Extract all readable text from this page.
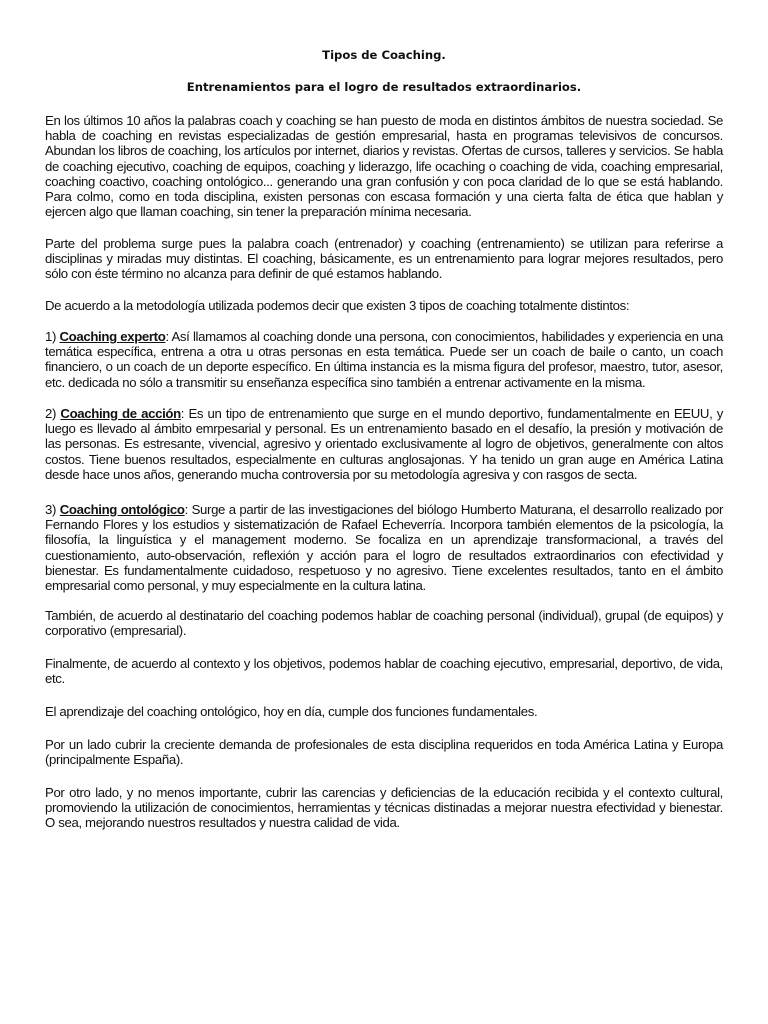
Tipos de Coaching.
Entrenamientos para el logro de resultados extraordinarios.

En los últimos 10 años la palabras coach y coaching se han puesto de moda en distintos ámbitos de nuestra sociedad. Se habla de coaching en revistas especializadas de gestión empresarial, hasta en programas televisivos de concursos. Abundan los libros de coaching, los artículos por internet, diarios y revistas. Ofertas de cursos, talleres y servicios. Se habla de coaching ejecutivo, coaching de equipos, coaching y liderazgo, life ocaching o coaching de vida, coaching empresarial, coaching coactivo, coaching ontológico... generando una gran confusión y con poca claridad de lo que se está hablando. Para colmo, como en toda disciplina, existen personas con escasa formación y una cierta falta de ética que hablan y ejercen algo que llaman coaching, sin tener la preparación mínima necesaria.

Parte del problema surge pues la palabra coach (entrenador) y coaching (entrenamiento) se utilizan para referirse a disciplinas y miradas muy distintas. El coaching, básicamente, es un entrenamiento para lograr mejores resultados, pero sólo con éste término no alcanza para definir de qué estamos hablando.

De acuerdo a la metodología utilizada podemos decir que existen 3 tipos de coaching totalmente distintos:

1) Coaching experto: Así llamamos al coaching donde una persona, con conocimientos, habilidades y experiencia en una temática específica, entrena a otra u otras personas en esta temática. Puede ser un coach de baile o canto, un coach financiero, o un coach de un deporte específico. En última instancia es la misma figura del profesor, maestro, tutor, asesor, etc. dedicada no sólo a transmitir su enseñanza específica sino también a entrenar activamente en la misma.

2) Coaching de acción: Es un tipo de entrenamiento que surge en el mundo deportivo, fundamentalmente en EEUU, y luego es llevado al ámbito emrpesarial y personal. Es un entrenamiento basado en el desafío, la presión y motivación de las personas. Es estresante, vivencial, agresivo y orientado exclusivamente al logro de objetivos, generalmente con altos costos. Tiene buenos resultados, especialmente en culturas anglosajonas. Y ha tenido un gran auge en América Latina desde hace unos años, generando mucha controversia por su metodología agresiva y con rasgos de secta.

3) Coaching ontológico: Surge a partir de las investigaciones del biólogo Humberto Maturana, el desarrollo realizado por Fernando Flores y los estudios y sistematización de Rafael Echeverría. Incorpora también elementos de la psicología, la filosofía, la linguística y el management moderno. Se focaliza en un aprendizaje transformacional, a través del cuestionamiento, auto-observación, reflexión y acción para el logro de resultados extraordinarios con efectividad y bienestar. Es fundamentalmente cuidadoso, respetuoso y no agresivo. Tiene excelentes resultados, tanto en el ámbito empresarial como personal, y muy especialmente en la cultura latina.

También, de acuerdo al destinatario del coaching podemos hablar de coaching personal (individual), grupal (de equipos) y corporativo (empresarial).

Finalmente, de acuerdo al contexto y los objetivos, podemos hablar de coaching ejecutivo, empresarial, deportivo, de vida, etc.

El aprendizaje del coaching ontológico, hoy en día, cumple dos funciones fundamentales.

Por un lado cubrir la creciente demanda de profesionales de esta disciplina requeridos en toda América Latina y Europa (principalmente España).

Por otro lado, y no menos importante, cubrir las carencias y deficiencias de la educación recibida y el contexto cultural, promoviendo la utilización de conocimientos, herramientas y técnicas distinadas a mejorar nuestra efectividad y bienestar. O sea, mejorando nuestros resultados y nuestra calidad de vida.
